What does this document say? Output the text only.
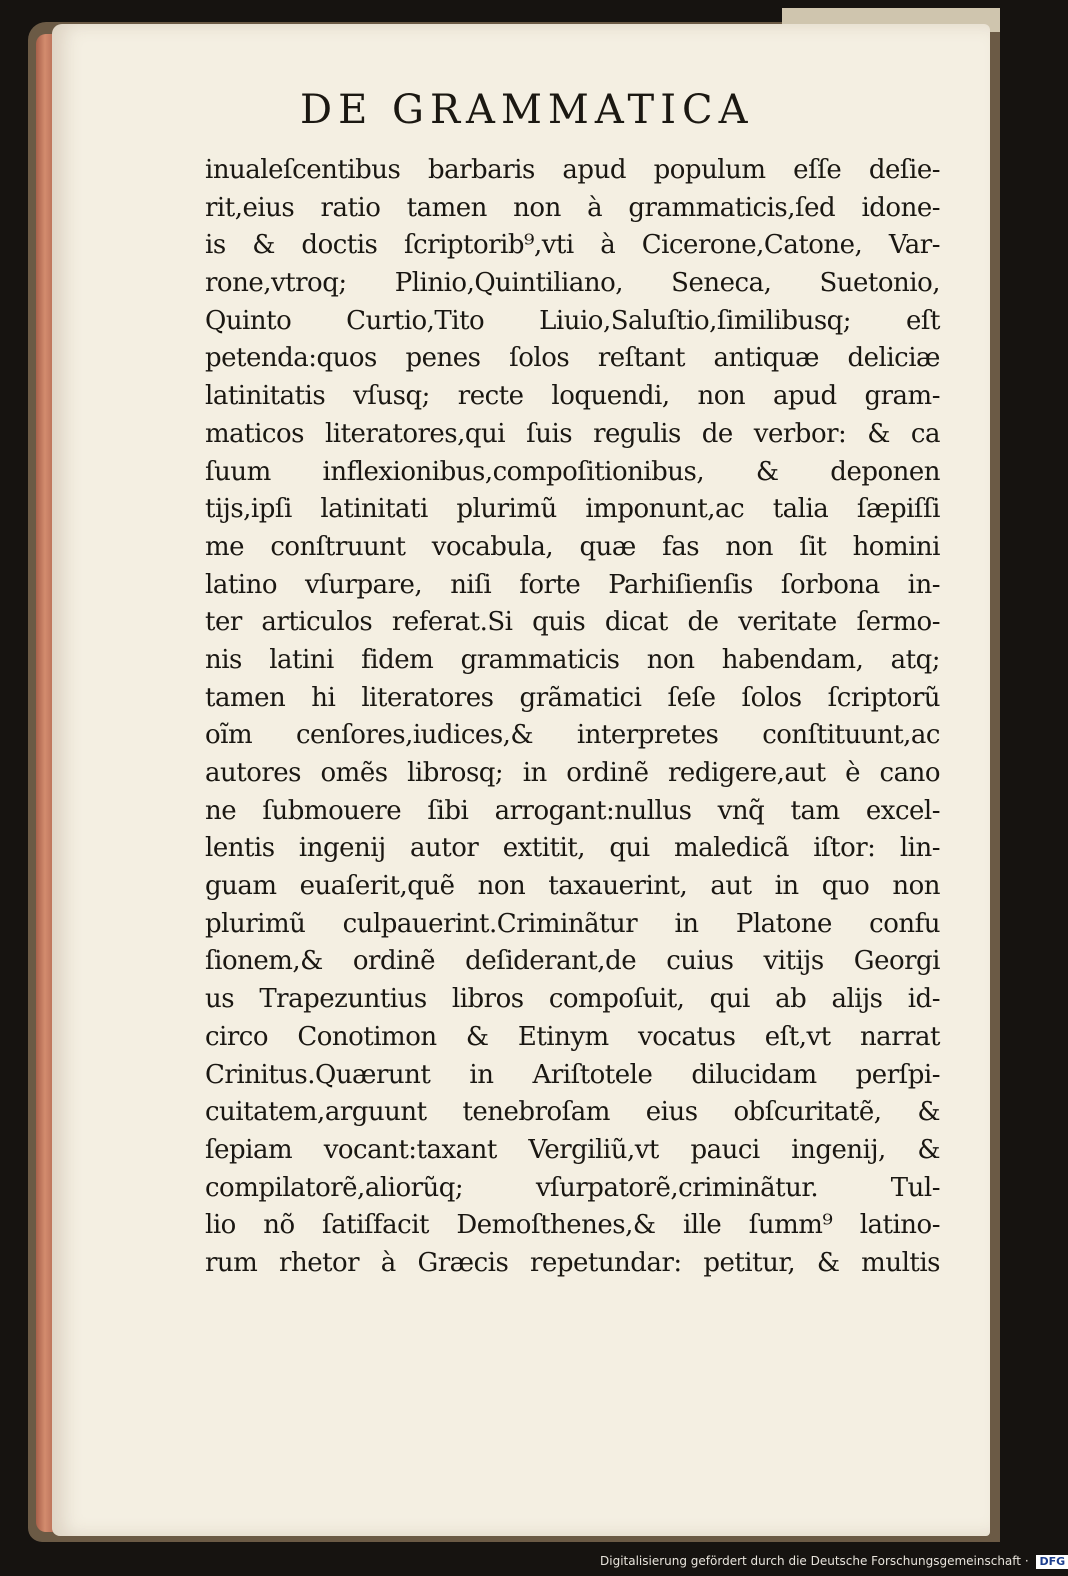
DE GRAMMATICA
inualeſcentibus barbaris apud populum eſſe deſie-
rit,eius ratio tamen non à grammaticis,ſed idone-
is & doctis ſcriptorib⁹,vti à Cicerone,Catone, Var-
rone,vtroq; Plinio,Quintiliano, Seneca, Suetonio,
Quinto Curtio,Tito Liuio,Saluſtio,ſimilibusq; eſt
petenda:quos penes ſolos reſtant antiquæ deliciæ
latinitatis vſusq; recte loquendi, non apud gram-
maticos literatores,qui ſuis regulis de verbor: & ca
ſuum inflexionibus,compoſitionibus, & deponen
tijs,ipſi latinitati plurimũ imponunt,ac talia ſæpiſſi
me conſtruunt vocabula, quæ fas non ſit homini
latino vſurpare, niſi forte Parhiſienſis ſorbona in-
ter articulos referat.Si quis dicat de veritate ſermo-
nis latini fidem grammaticis non habendam, atq;
tamen hi literatores grãmatici ſeſe ſolos ſcriptorũ
oĩm cenſores,iudices,& interpretes conſtituunt,ac
autores omẽs librosq; in ordinẽ redigere,aut è cano
ne ſubmouere ſibi arrogant:nullus vnq̃ tam excel-
lentis ingenij autor extitit, qui maledicã iſtor: lin-
guam euaſerit,quẽ non taxauerint, aut in quo non
plurimũ culpauerint.Criminãtur in Platone confu
ſionem,& ordinẽ deſiderant,de cuius vitijs Georgi
us Trapezuntius libros compoſuit, qui ab alijs id-
circo Conotimon & Etinym vocatus eſt,vt narrat
Crinitus.Quærunt in Ariſtotele dilucidam perſpi-
cuitatem,arguunt tenebroſam eius obſcuritatẽ, &
ſepiam vocant:taxant Vergiliũ,vt pauci ingenij, &
compilatorẽ,aliorũq; vſurpatorẽ,criminãtur. Tul-
lio nõ ſatiſfacit Demoſthenes,& ille ſumm⁹ latino-
rum rhetor à Græcis repetundar: petitur, & multis
Digitalisierung gefördert durch die Deutsche Forschungsgemeinschaft · DFG
